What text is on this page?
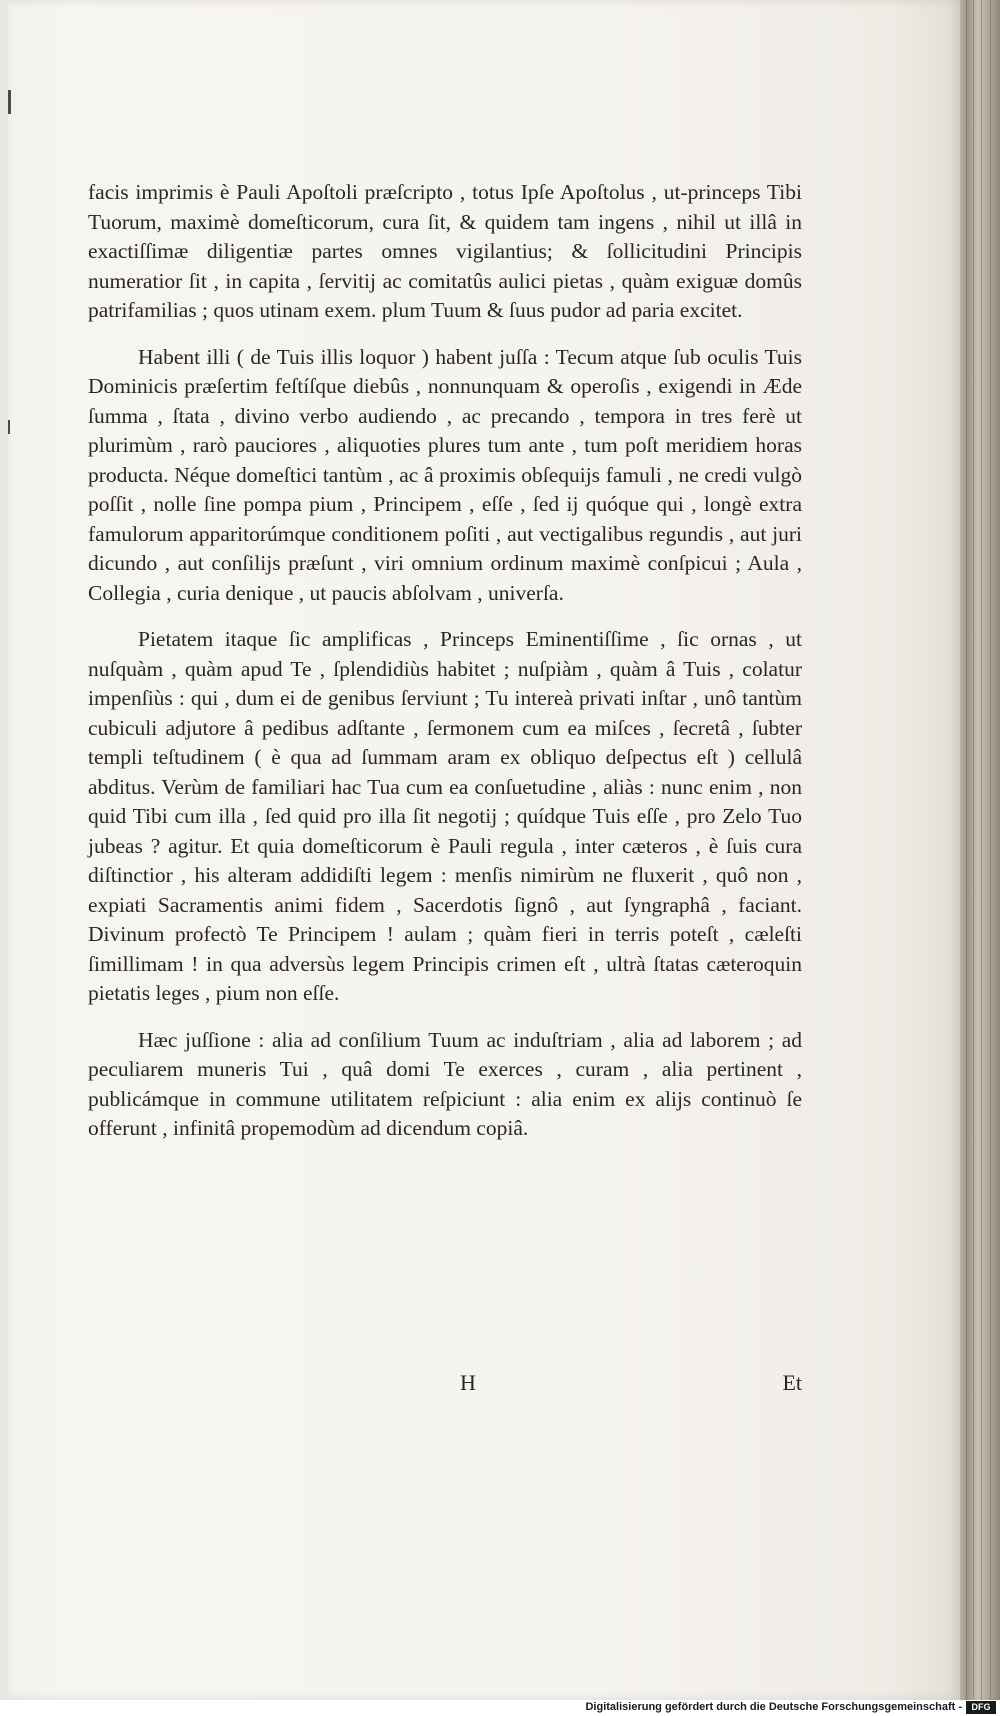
facis imprimis è Pauli Apoſtoli præſcripto , totus Ipſe Apoſtolus , ut-princeps Tibi Tuorum, maximè domeſticorum, cura ſit, & quidem tam ingens , nihil ut illâ in exactiſſimæ diligentiæ partes omnes vigilantius; & ſollicitudini Principis numeratior ſit , in capita , ſervitij ac comitatûs aulici pietas , quàm exiguæ domûs patrifamilias ; quos utinam exem. plum Tuum & ſuus pudor ad paria excitet.

Habent illi ( de Tuis illis loquor ) habent juſſa : Tecum atque ſub oculis Tuis Dominicis præſertim feſtíſque diebûs , nonnunquam & operoſis , exigendi in Æde ſumma , ſtata , divino verbo audiendo , ac precando , tempora in tres ferè ut plurimùm , rarò pauciores , aliquoties plures tum ante , tum poſt meridiem horas producta. Néque domeſtici tantùm , ac â proximis obſequijs famuli , ne credi vulgò poſſit , nolle ſine pompa pium , Principem , eſſe , ſed ij quóque qui , longè extra famulorum apparitorúmque conditionem poſiti , aut vectigalibus regundis , aut juri dicundo , aut conſilijs præſunt , viri omnium ordinum maximè conſpicui ; Aula , Collegia , curia denique , ut paucis abſolvam , univerſa.

Pietatem itaque ſic amplificas , Princeps Eminentiſſime , ſic ornas , ut nuſquàm , quàm apud Te , ſplendidiùs habitet ; nuſpiàm , quàm â Tuis , colatur impenſiùs : qui , dum ei de genibus ſerviunt ; Tu intereà privati inſtar , unô tantùm cubiculi adjutore â pedibus adſtante , ſermonem cum ea miſces , ſecretâ , ſubter templi teſtudinem ( è qua ad ſummam aram ex obliquo deſpectus eſt ) cellulâ abditus. Verùm de familiari hac Tua cum ea conſuetudine , aliàs : nunc enim , non quid Tibi cum illa , ſed quid pro illa ſit negotij ; quídque Tuis eſſe , pro Zelo Tuo jubeas ? agitur. Et quia domeſticorum è Pauli regula , inter cæteros , è ſuis cura diſtinctior , his alteram addidiſti legem : menſis nimirùm ne fluxerit , quô non , expiati Sacramentis animi fidem , Sacerdotis ſignô , aut ſyngraphâ , faciant. Divinum profectò Te Principem ! aulam ; quàm fieri in terris poteſt , cæleſti ſimillimam ! in qua adversùs legem Principis crimen eſt , ultrà ſtatas cæteroquin pietatis leges , pium non eſſe.

Hæc juſſione : alia ad conſilium Tuum ac induſtriam , alia ad laborem ; ad peculiarem muneris Tui , quâ domi Te exerces , curam , alia pertinent , publicámque in commune utilitatem reſpiciunt : alia enim ex alijs continuò ſe offerunt , infinitâ propemodùm ad dicendum copiâ.

H	Et
Digitalisierung gefördert durch die Deutsche Forschungsgemeinschaft -	DFG
